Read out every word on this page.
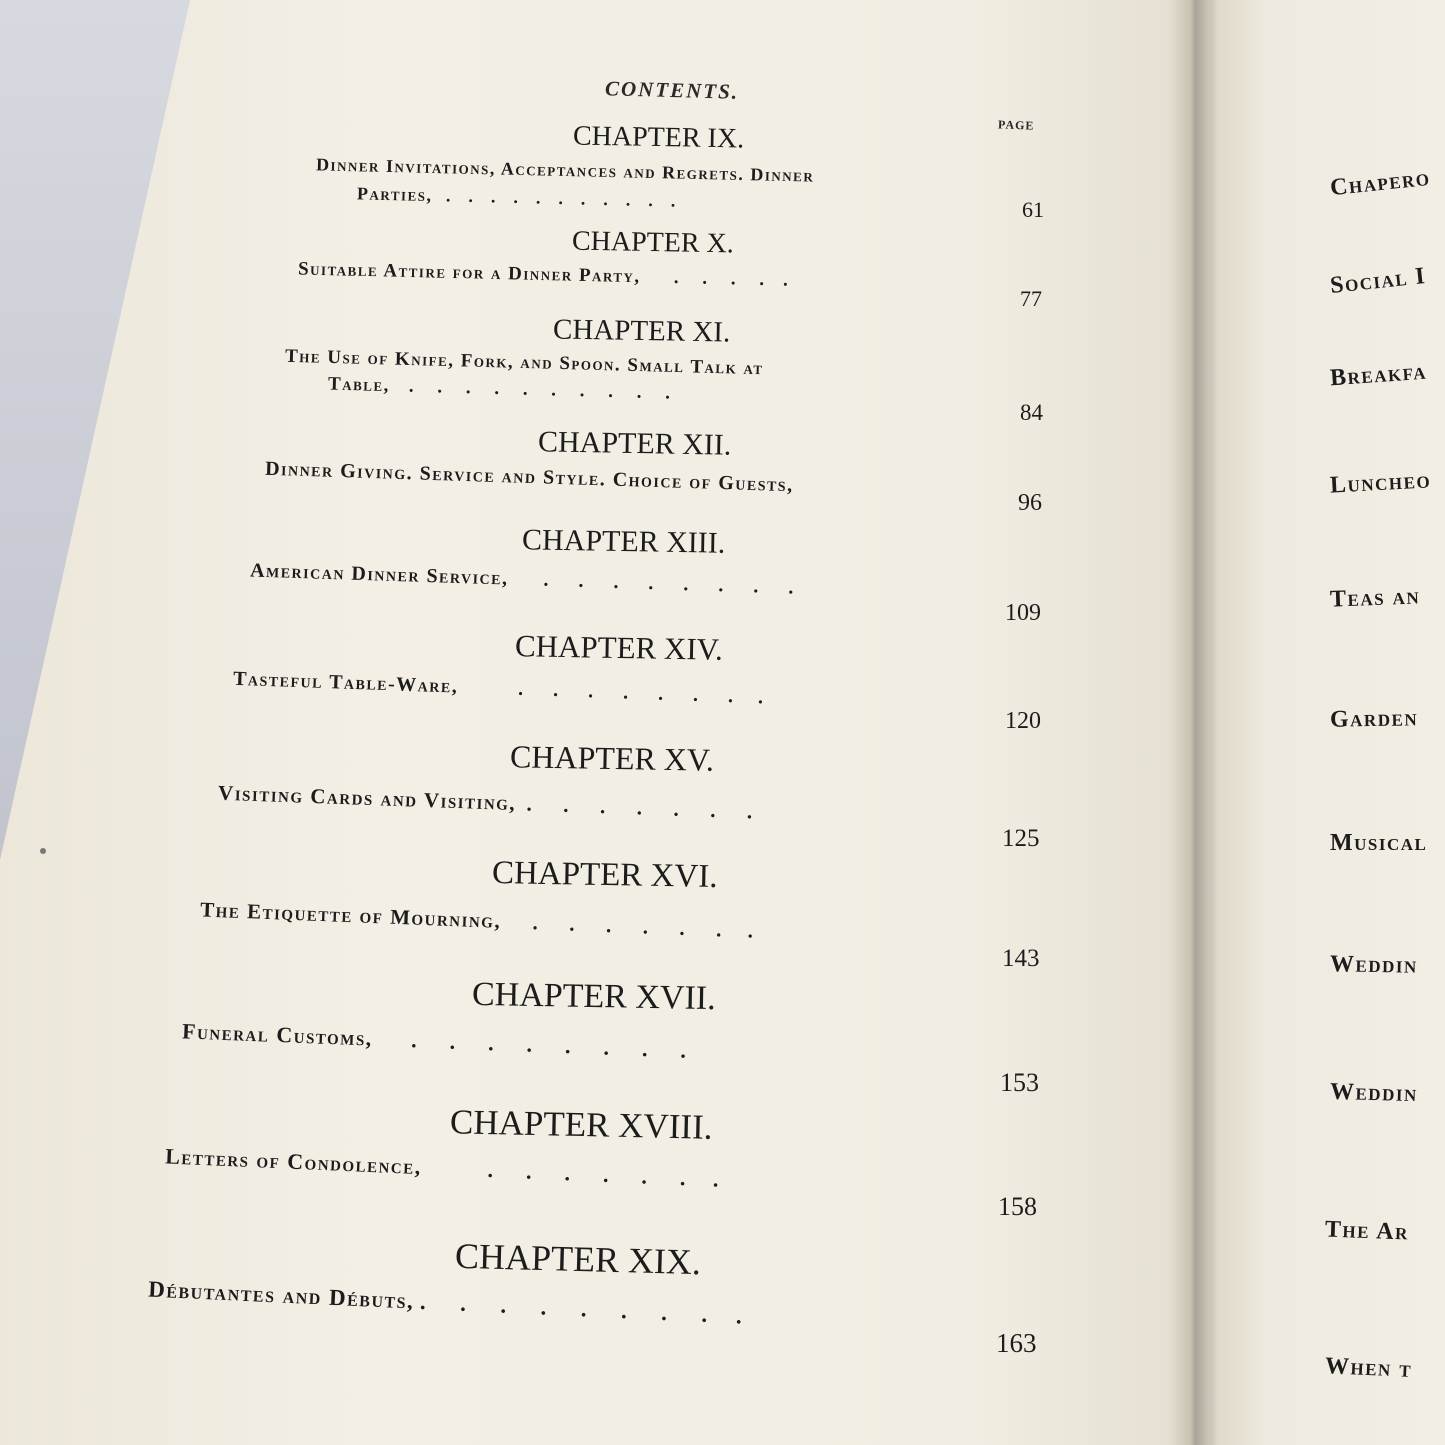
CONTENTS.
PAGE
CHAPTER IX.
Dinner Invitations, Acceptances and Regrets. Dinner
Parties,   .    .    .    .    .    .    .    .    .    .    .	61
CHAPTER X.
Suitable Attire for a Dinner Party,       .     .     .     .    .
77
CHAPTER XI.
The Use of Knife, Fork, and Spoon. Small Talk at
Table,    .     .     .     .     .     .     .     .     .     .
84
CHAPTER XII.
Dinner Giving. Service and Style. Choice of Guests,
96
CHAPTER XIII.
American Dinner Service,       .      .      .      .      .      .      .      .
109
CHAPTER XIV.
Tasteful Table-Ware,            .      .      .      .      .      .      .     .
120
CHAPTER XV.
Visiting Cards and Visiting,  .      .      .      .      .      .      .
125
CHAPTER XVI.
The Etiquette of Mourning,      .      .      .      .      .      .     .
143
CHAPTER XVII.
Funeral Customs,       .      .      .      .      .      .      .      .
153
CHAPTER XVIII.
Letters of Condolence,            .      .      .      .      .      .     .
158
CHAPTER XIX.
Débutantes and Débuts, .      .      .      .      .      .      .      .     .
163
Chapero
Social I
Breakfa
Luncheo
Teas an
Garden
Musical
Weddin
Weddin
The Ar
When t
